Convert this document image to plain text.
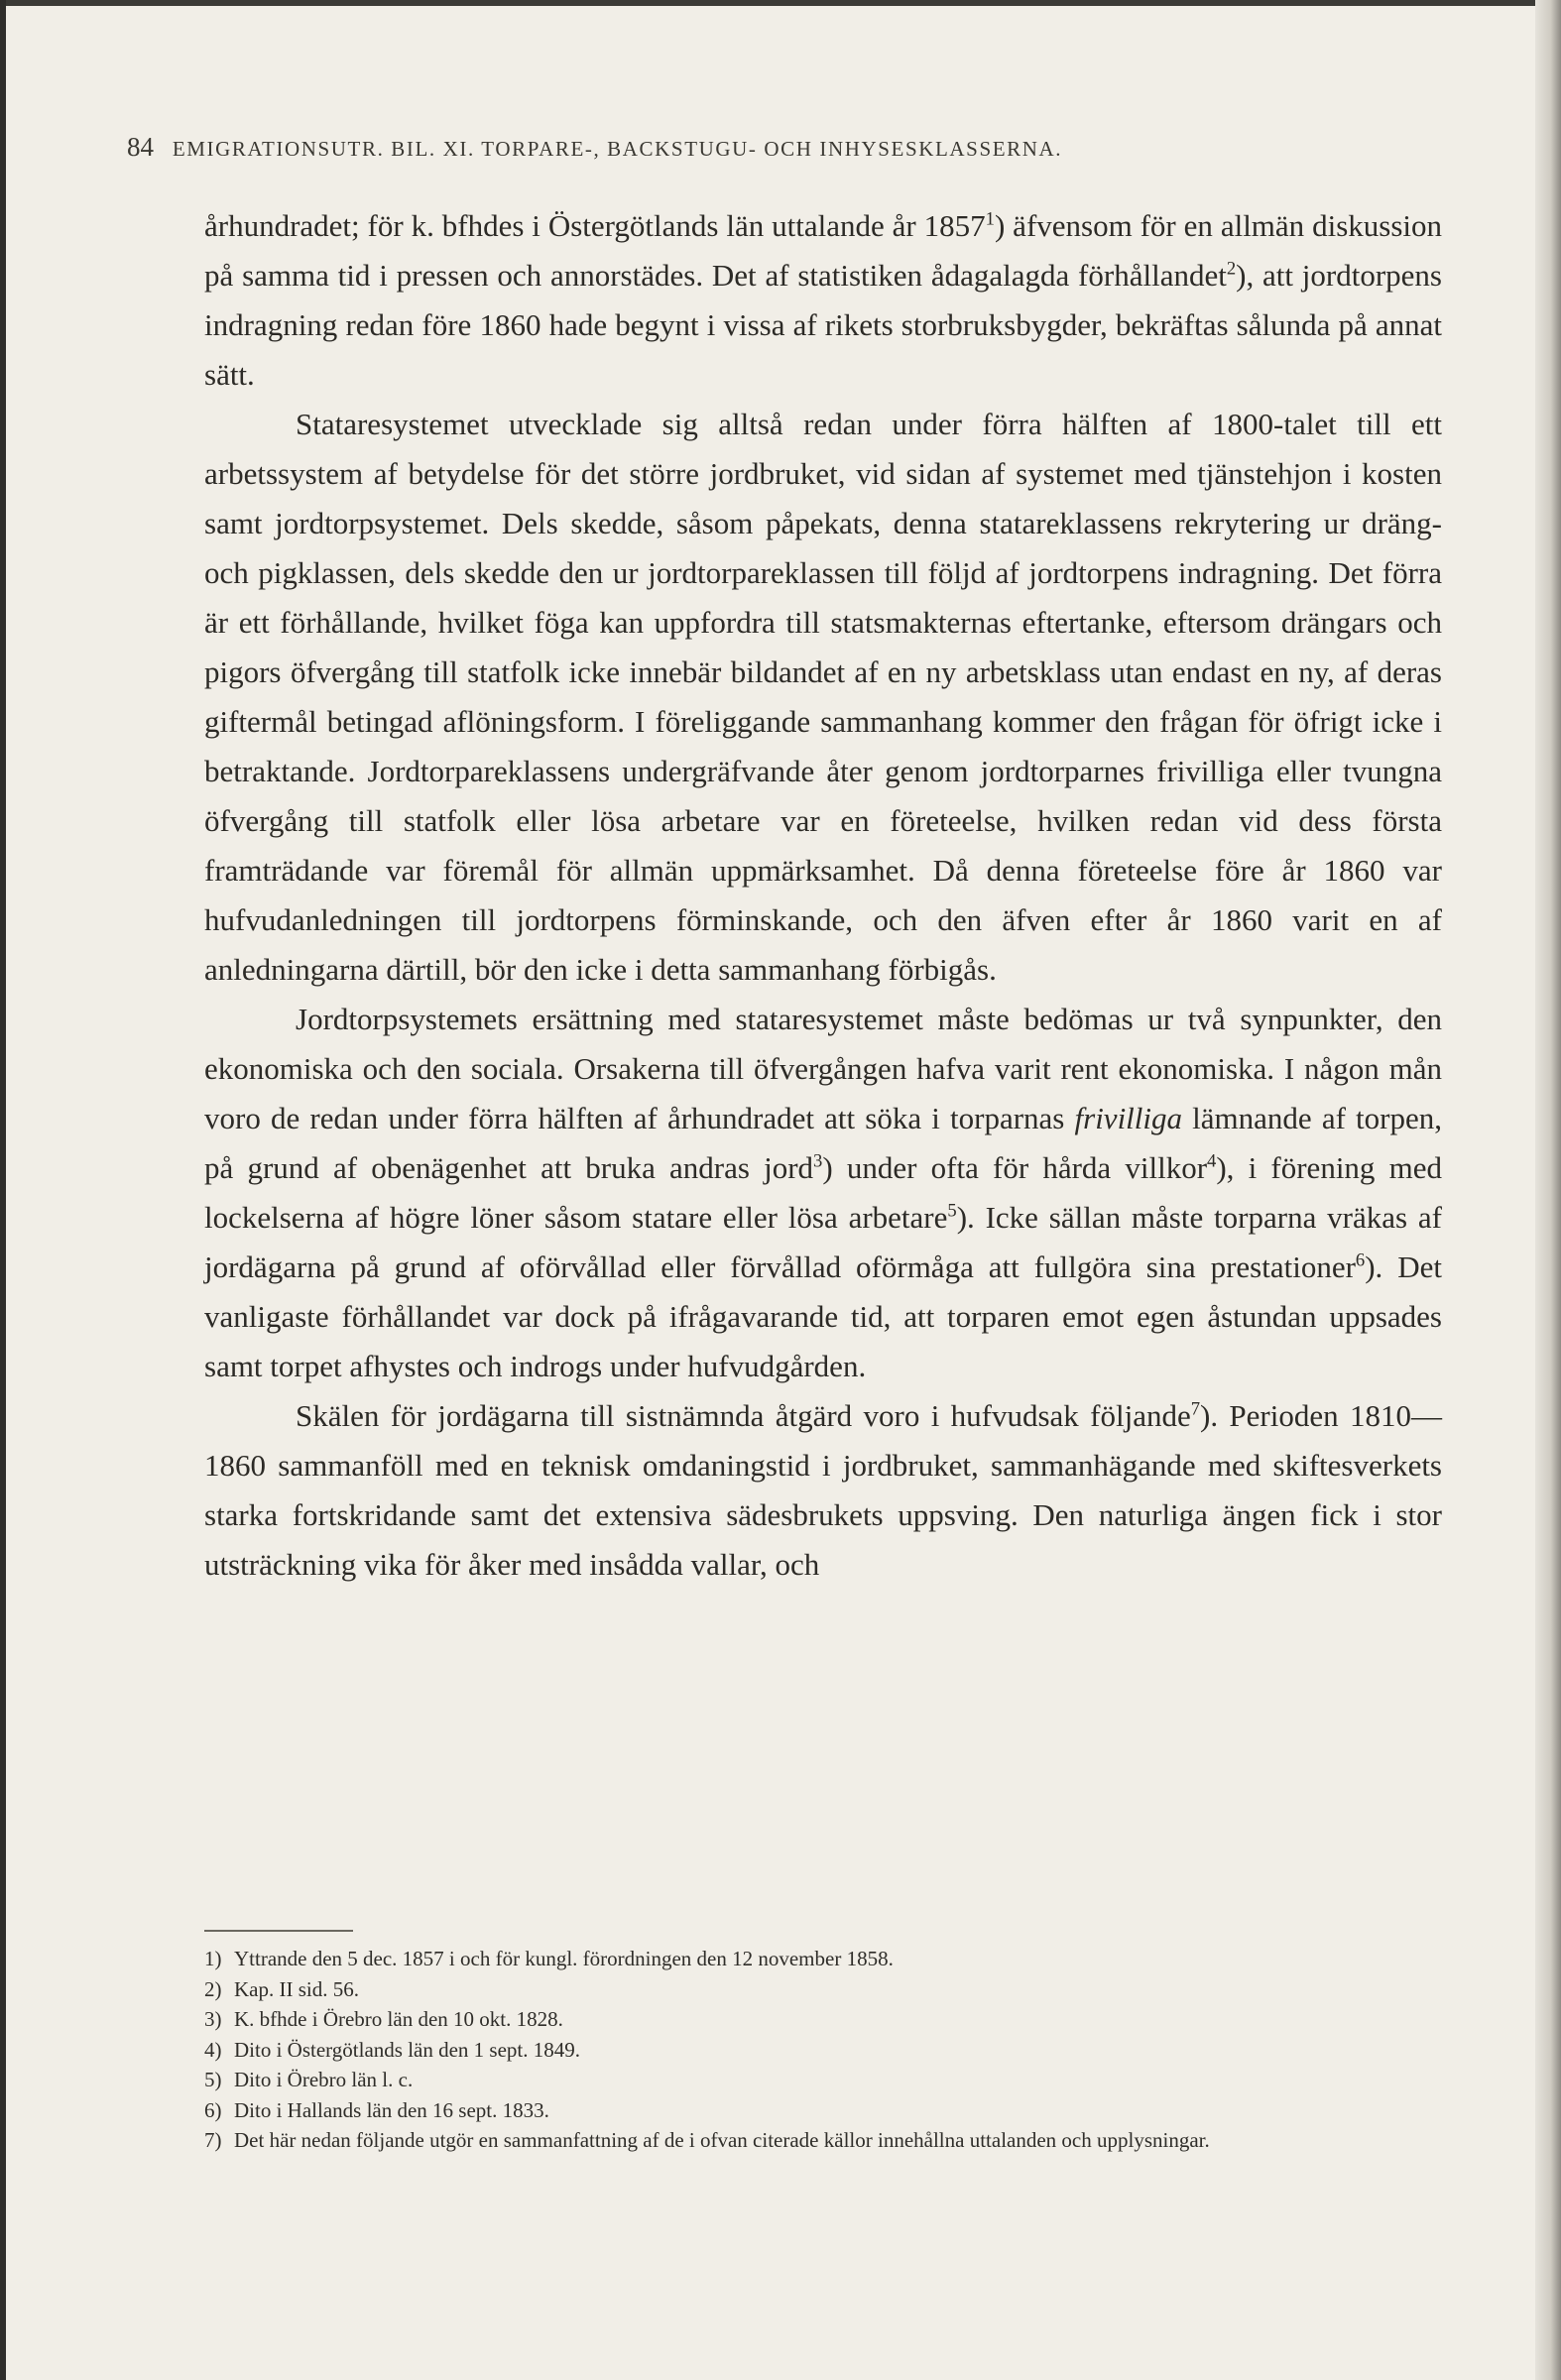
84 EMIGRATIONSUTR. BIL. XI. TORPARE-, BACKSTUGU- OCH INHYSESKLASSERNA.

århundradet; för k. bfhdes i Östergötlands län uttalande år 1857$^1$) äfvensom för en allmän diskussion på samma tid i pressen och annorstädes. Det af statistiken ådagalagda förhållandet$^2$), att jordtorpens indragning redan före 1860 hade begynt i vissa af rikets storbruksbygder, bekräftas sålunda på annat sätt.

Stataresystemet utvecklade sig alltså redan under förra hälften af 1800-talet till ett arbetssystem af betydelse för det större jordbruket, vid sidan af systemet med tjänstehjon i kosten samt jordtorpsystemet. Dels skedde, såsom påpekats, denna statareklassens rekrytering ur dräng- och pigklassen, dels skedde den ur jordtorpareklassen till följd af jordtorpens indragning. Det förra är ett förhållande, hvilket föga kan uppfordra till statsmakternas eftertanke, eftersom drängars och pigors öfvergång till statfolk icke innebär bildandet af en ny arbetsklass utan endast en ny, af deras giftermål betingad aflöningsform. I föreliggande sammanhang kommer den frågan för öfrigt icke i betraktande. Jordtorpareklassens undergräfvande åter genom jordtorparnes frivilliga eller tvungna öfvergång till statfolk eller lösa arbetare var en företeelse, hvilken redan vid dess första framträdande var föremål för allmän uppmärksamhet. Då denna företeelse före år 1860 var hufvudanledningen till jordtorpens förminskande, och den äfven efter år 1860 varit en af anledningarna därtill, bör den icke i detta sammanhang förbigås.

Jordtorpsystemets ersättning med stataresystemet måste bedömas ur två synpunkter, den ekonomiska och den sociala. Orsakerna till öfvergången hafva varit rent ekonomiska. I någon mån voro de redan under förra hälften af århundradet att söka i torparnas frivilliga lämnande af torpen, på grund af obenägenhet att bruka andras jord$^3$) under ofta för hårda villkor$^4$), i förening med lockelserna af högre löner såsom statare eller lösa arbetare$^5$). Icke sällan måste torparna vräkas af jordägarna på grund af oförvållad eller förvållad oförmåga att fullgöra sina prestationer$^6$). Det vanligaste förhållandet var dock på ifrågavarande tid, att torparen emot egen åstundan uppsades samt torpet afhystes och indrogs under hufvudgården.

Skälen för jordägarna till sistnämnda åtgärd voro i hufvudsak följande$^7$). Perioden 1810—1860 sammanföll med en teknisk omdaningstid i jordbruket, sammanhägande med skiftesverkets starka fortskridande samt det extensiva sädesbrukets uppsving. Den naturliga ängen fick i stor utsträckning vika för åker med insådda vallar, och

1) Yttrande den 5 dec. 1857 i och för kungl. förordningen den 12 november 1858.
2) Kap. II sid. 56.
3) K. bfhde i Örebro län den 10 okt. 1828.
4) Dito i Östergötlands län den 1 sept. 1849.
5) Dito i Örebro län l. c.
6) Dito i Hallands län den 16 sept. 1833.
7) Det här nedan följande utgör en sammanfattning af de i ofvan citerade källor innehållna uttalanden och upplysningar.
